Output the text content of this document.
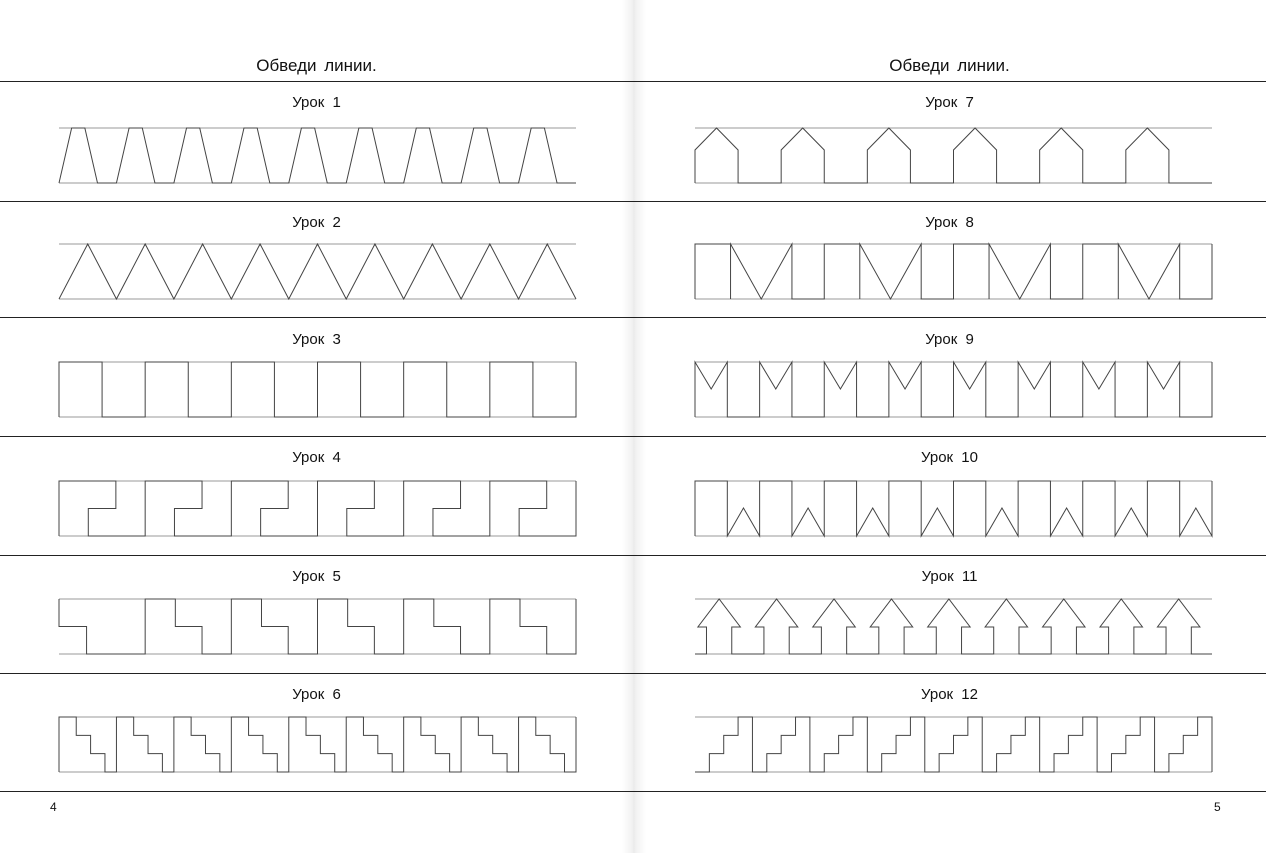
Обведи линии.
Урок 1
Урок 2
Урок 3
Урок 4
Урок 5
Урок 6
4
Обведи линии.
Урок 7
Урок 8
Урок 9
Урок 10
Урок 11
Урок 12
5
